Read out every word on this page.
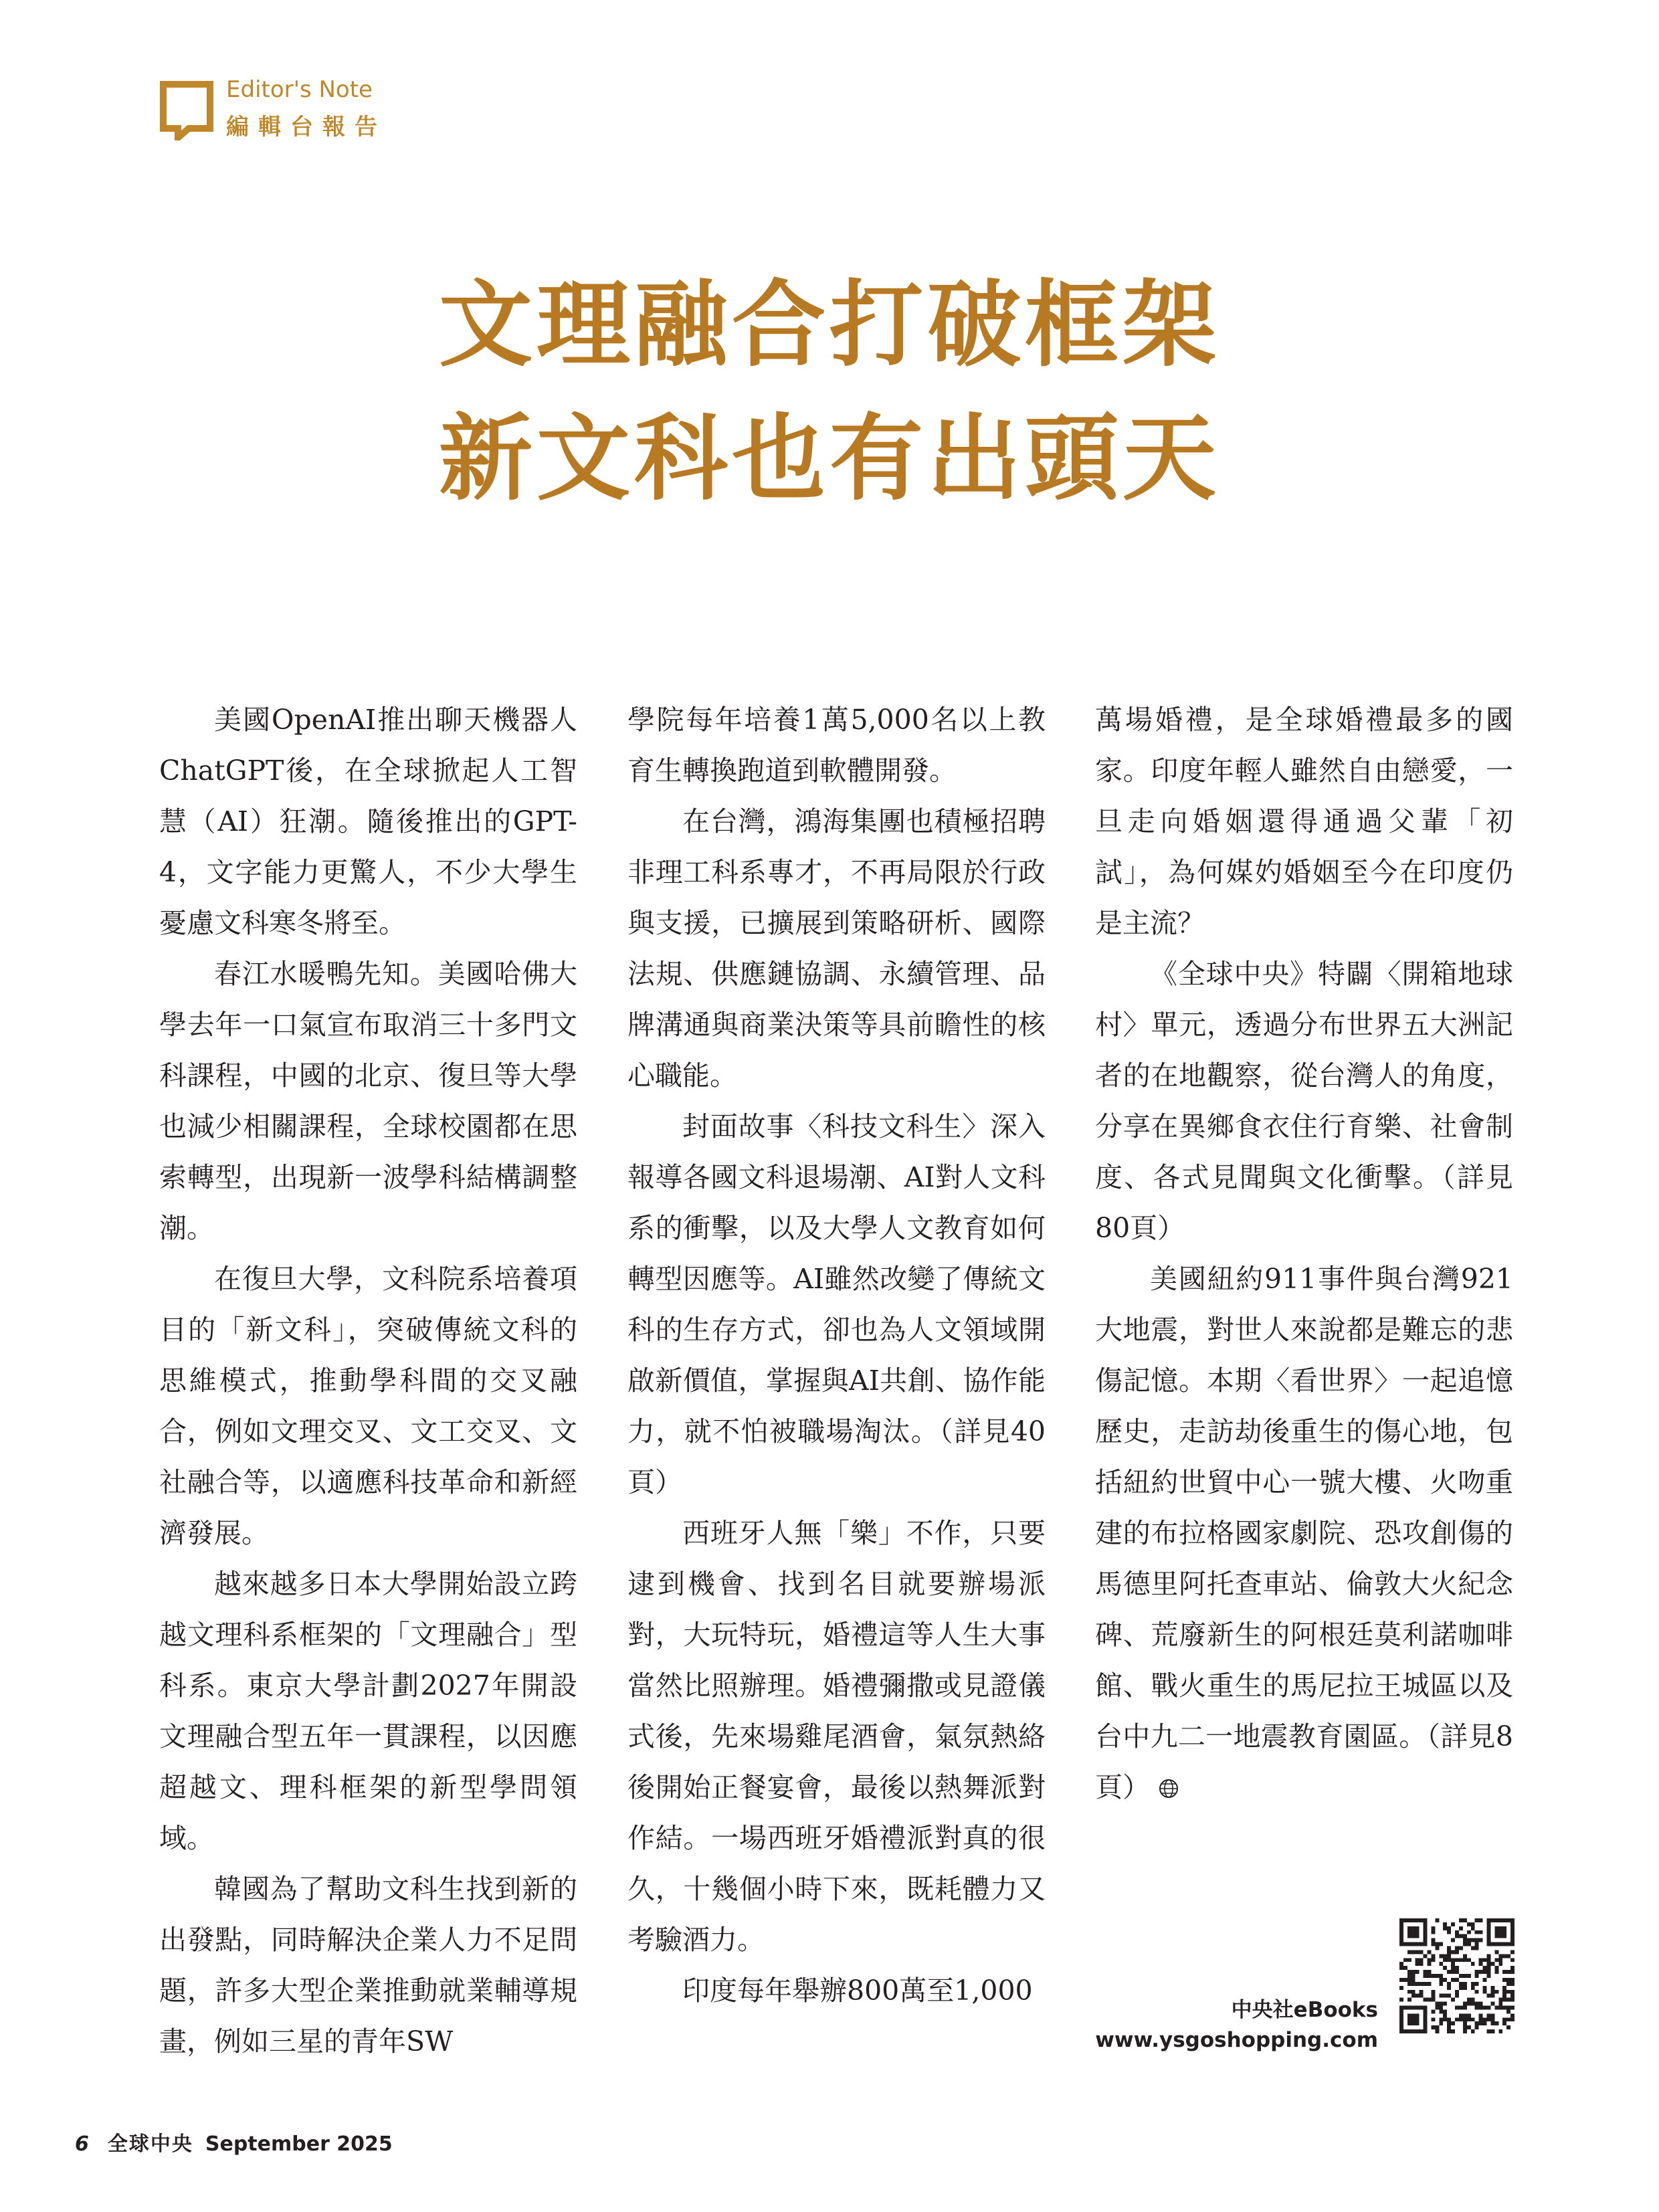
Editor's Note
編輯台報告
文理融合打破框架
新文科也有出頭天

美國OpenAI推出聊天機器人ChatGPT後，在全球掀起人工智慧（AI）狂潮。隨後推出的GPT-4，文字能力更驚人，不少大學生憂慮文科寒冬將至。

春江水暖鴨先知。美國哈佛大學去年一口氣宣布取消三十多門文科課程，中國的北京、復旦等大學也減少相關課程，全球校園都在思索轉型，出現新一波學科結構調整潮。

在復旦大學，文科院系培養項目的「新文科」，突破傳統文科的思維模式，推動學科間的交叉融合，例如文理交叉、文工交叉、文社融合等，以適應科技革命和新經濟發展。

越來越多日本大學開始設立跨越文理科系框架的「文理融合」型科系。東京大學計劃2027年開設文理融合型五年一貫課程，以因應超越文、理科框架的新型學問領域。

韓國為了幫助文科生找到新的出發點，同時解決企業人力不足問題，許多大型企業推動就業輔導規畫，例如三星的青年SW

學院每年培養1萬5,000名以上教育生轉換跑道到軟體開發。

在台灣，鴻海集團也積極招聘非理工科系專才，不再局限於行政與支援，已擴展到策略研析、國際法規、供應鏈協調、永續管理、品牌溝通與商業決策等具前瞻性的核心職能。

封面故事〈科技文科生〉深入報導各國文科退場潮、AI對人文科系的衝擊，以及大學人文教育如何轉型因應等。AI雖然改變了傳統文科的生存方式，卻也為人文領域開啟新價值，掌握與AI共創、協作能力，就不怕被職場淘汰。（詳見40頁）

西班牙人無「樂」不作，只要逮到機會、找到名目就要辦場派對，大玩特玩，婚禮這等人生大事當然比照辦理。婚禮彌撒或見證儀式後，先來場雞尾酒會，氣氛熱絡後開始正餐宴會，最後以熱舞派對作結。一場西班牙婚禮派對真的很久，十幾個小時下來，既耗體力又考驗酒力。

印度每年舉辦800萬至1,000

萬場婚禮，是全球婚禮最多的國家。印度年輕人雖然自由戀愛，一旦走向婚姻還得通過父輩「初試」，為何媒妁婚姻至今在印度仍是主流？

《全球中央》特闢〈開箱地球村〉單元，透過分布世界五大洲記者的在地觀察，從台灣人的角度，分享在異鄉食衣住行育樂、社會制度、各式見聞與文化衝擊。（詳見80頁）

美國紐約911事件與台灣921大地震，對世人來說都是難忘的悲傷記憶。本期〈看世界〉一起追憶歷史，走訪劫後重生的傷心地，包括紐約世貿中心一號大樓、火吻重建的布拉格國家劇院、恐攻創傷的馬德里阿托查車站、倫敦大火紀念碑、荒廢新生的阿根廷莫利諾咖啡館、戰火重生的馬尼拉王城區以及台中九二一地震教育園區。（詳見8頁）

中央社eBooks
www.ysgoshopping.com
6 全球中央 September 2025
